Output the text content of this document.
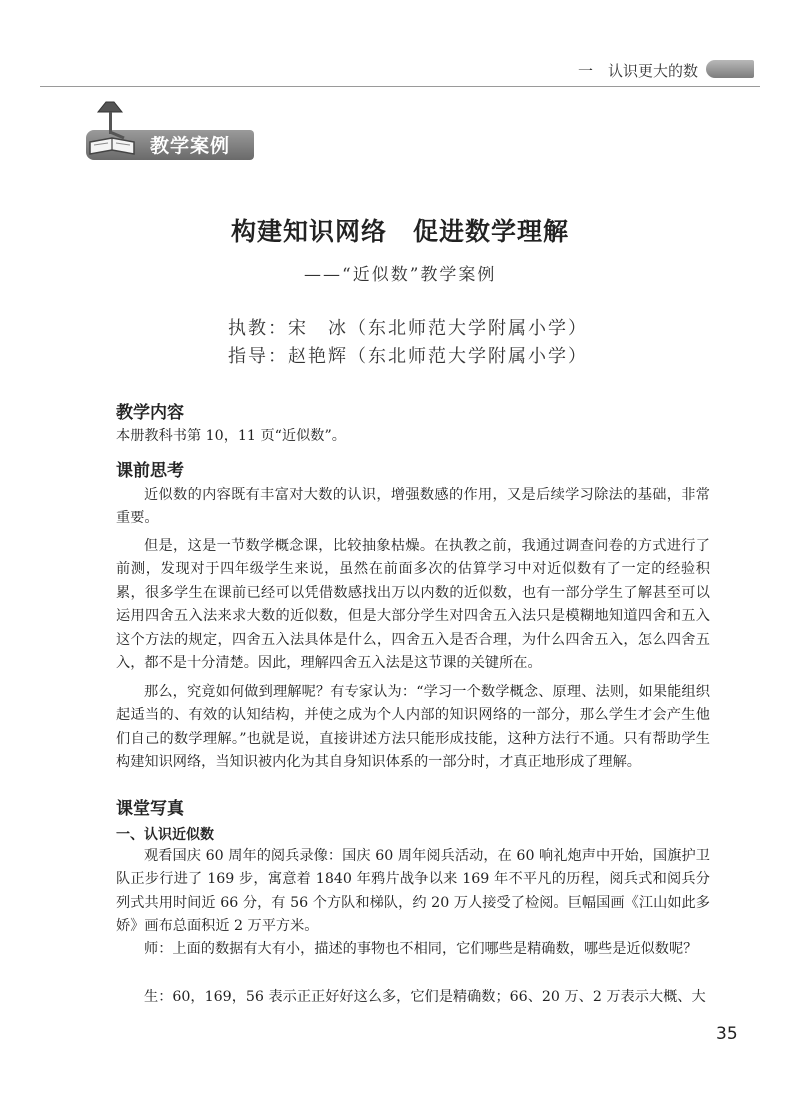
一　认识更大的数
教学案例
构建知识网络　促进数学理解
——“近似数”教学案例
执教：宋　冰（东北师范大学附属小学）
指导：赵艳辉（东北师范大学附属小学）
教学内容
本册教科书第 10，11 页“近似数”。
课前思考
近似数的内容既有丰富对大数的认识，增强数感的作用，又是后续学习除法的基础，非常重要。
但是，这是一节数学概念课，比较抽象枯燥。在执教之前，我通过调查问卷的方式进行了前测，发现对于四年级学生来说，虽然在前面多次的估算学习中对近似数有了一定的经验积累，很多学生在课前已经可以凭借数感找出万以内数的近似数，也有一部分学生了解甚至可以运用四舍五入法来求大数的近似数，但是大部分学生对四舍五入法只是模糊地知道四舍和五入这个方法的规定，四舍五入法具体是什么，四舍五入是否合理，为什么四舍五入，怎么四舍五入，都不是十分清楚。因此，理解四舍五入法是这节课的关键所在。
那么，究竟如何做到理解呢？有专家认为：“学习一个数学概念、原理、法则，如果能组织起适当的、有效的认知结构，并使之成为个人内部的知识网络的一部分，那么学生才会产生他们自己的数学理解。”也就是说，直接讲述方法只能形成技能，这种方法行不通。只有帮助学生构建知识网络，当知识被内化为其自身知识体系的一部分时，才真正地形成了理解。
课堂写真
一、认识近似数
观看国庆 60 周年的阅兵录像：国庆 60 周年阅兵活动，在 60 响礼炮声中开始，国旗护卫队正步行进了 169 步，寓意着 1840 年鸦片战争以来 169 年不平凡的历程，阅兵式和阅兵分列式共用时间近 66 分，有 56 个方队和梯队，约 20 万人接受了检阅。巨幅国画《江山如此多娇》画布总面积近 2 万平方米。
师：上面的数据有大有小，描述的事物也不相同，它们哪些是精确数，哪些是近似数呢？
生：60，169，56 表示正正好好这么多，它们是精确数；66、20 万、2 万表示大概、大
35
